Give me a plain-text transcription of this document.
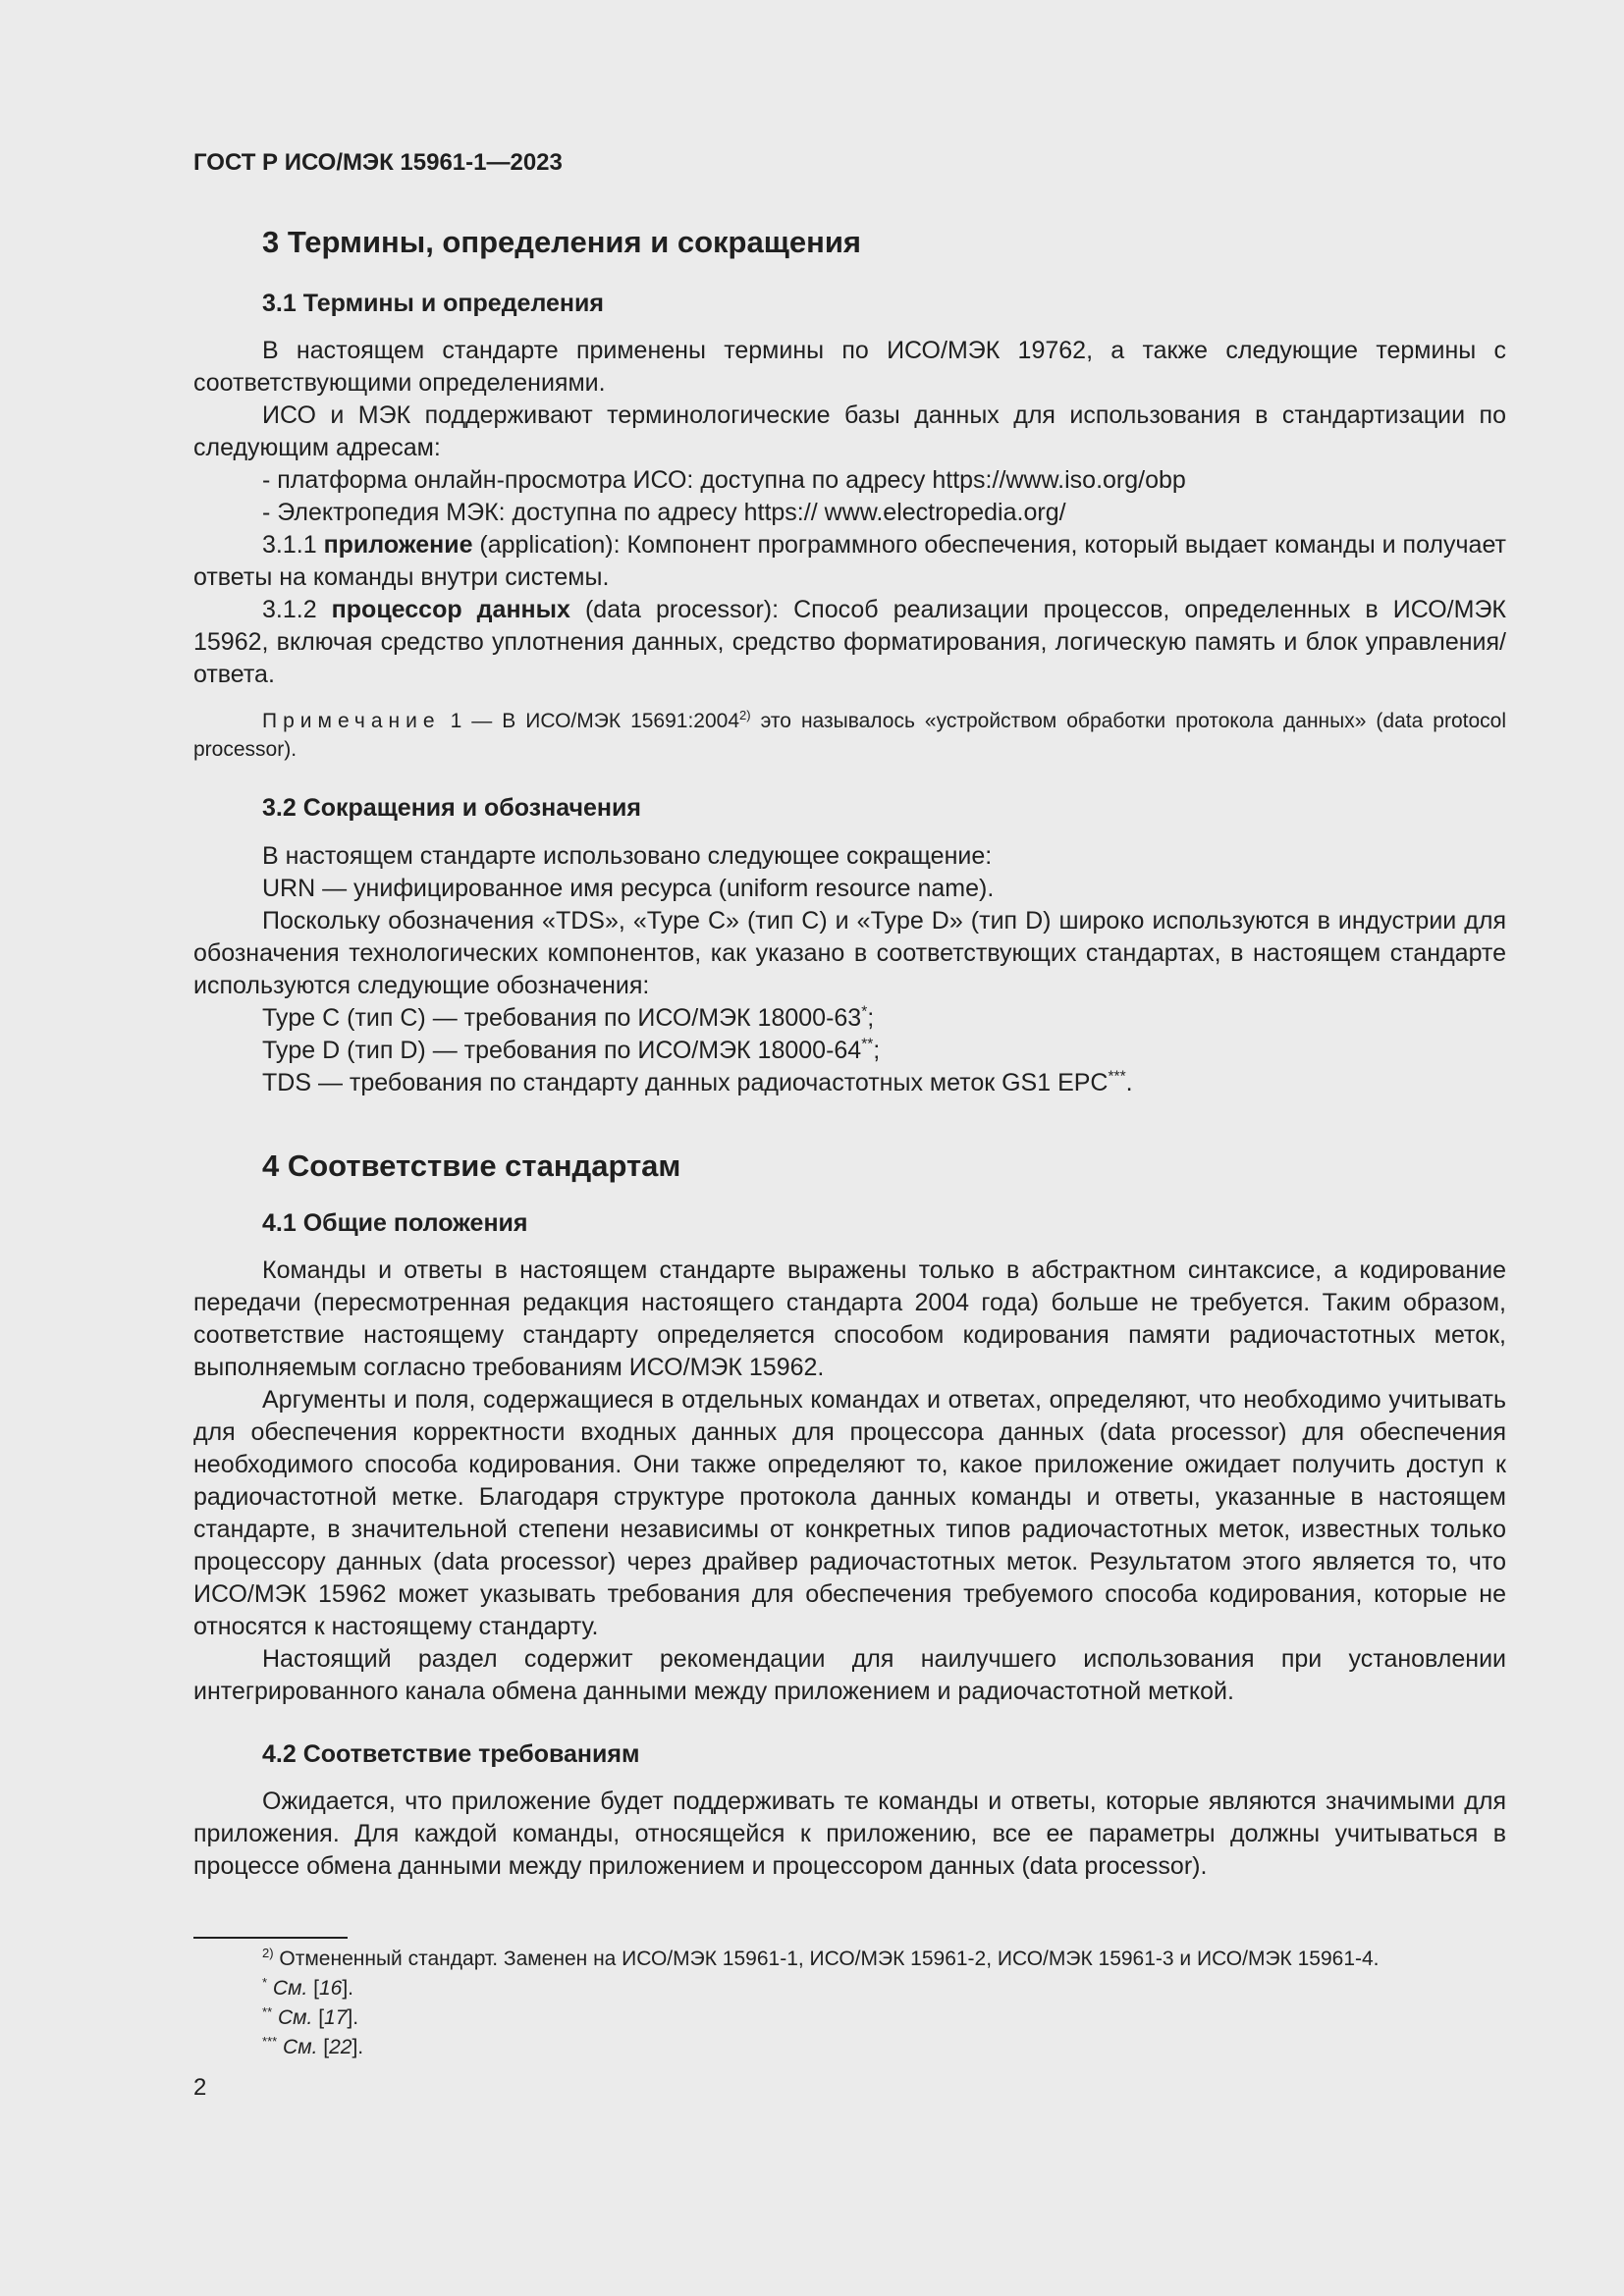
ГОСТ Р ИСО/МЭК 15961-1—2023

3 Термины, определения и сокращения
3.1 Термины и определения

В настоящем стандарте применены термины по ИСО/МЭК 19762, а также следующие термины с соответствующими определениями.

ИСО и МЭК поддерживают терминологические базы данных для использования в стандартизации по следующим адресам:

- платформа онлайн-просмотра ИСО: доступна по адресу https://www.iso.org/obp

- Электропедия МЭК: доступна по адресу https:// www.electropedia.org/

3.1.1 приложение (application): Компонент программного обеспечения, который выдает команды и получает ответы на команды внутри системы.

3.1.2 процессор данных (data processor): Способ реализации процессов, определенных в ИСО/МЭК 15962, включая средство уплотнения данных, средство форматирования, логическую память и блок управления/ответа.

Примечание 1 — В ИСО/МЭК 15691:2004$^{2)}$ это называлось «устройством обработки протокола данных» (data protocol processor).
3.2 Сокращения и обозначения

В настоящем стандарте использовано следующее сокращение:

URN — унифицированное имя ресурса (uniform resource name).

Поскольку обозначения «TDS», «Type C» (тип C) и «Type D» (тип D) широко используются в индустрии для обозначения технологических компонентов, как указано в соответствующих стандартах, в настоящем стандарте используются следующие обозначения:

Type C (тип C) — требования по ИСО/МЭК 18000-63*;

Type D (тип D) — требования по ИСО/МЭК 18000-64**;

TDS — требования по стандарту данных радиочастотных меток GS1 EPC***.

4 Соответствие стандартам
4.1 Общие положения

Команды и ответы в настоящем стандарте выражены только в абстрактном синтаксисе, а кодирование передачи (пересмотренная редакция настоящего стандарта 2004 года) больше не требуется. Таким образом, соответствие настоящему стандарту определяется способом кодирования памяти радиочастотных меток, выполняемым согласно требованиям ИСО/МЭК 15962.

Аргументы и поля, содержащиеся в отдельных командах и ответах, определяют, что необходимо учитывать для обеспечения корректности входных данных для процессора данных (data processor) для обеспечения необходимого способа кодирования. Они также определяют то, какое приложение ожидает получить доступ к радиочастотной метке. Благодаря структуре протокола данных команды и ответы, указанные в настоящем стандарте, в значительной степени независимы от конкретных типов радиочастотных меток, известных только процессору данных (data processor) через драйвер радиочастотных меток. Результатом этого является то, что ИСО/МЭК 15962 может указывать требования для обеспечения требуемого способа кодирования, которые не относятся к настоящему стандарту.

Настоящий раздел содержит рекомендации для наилучшего использования при установлении интегрированного канала обмена данными между приложением и радиочастотной меткой.

4.2 Соответствие требованиям

Ожидается, что приложение будет поддерживать те команды и ответы, которые являются значимыми для приложения. Для каждой команды, относящейся к приложению, все ее параметры должны учитываться в процессе обмена данными между приложением и процессором данных (data processor).

$^{2)}$ Отмененный стандарт. Заменен на ИСО/МЭК 15961-1, ИСО/МЭК 15961-2, ИСО/МЭК 15961-3 и ИСО/МЭК 15961-4.
* См. [16].
** См. [17].
*** См. [22].
2
